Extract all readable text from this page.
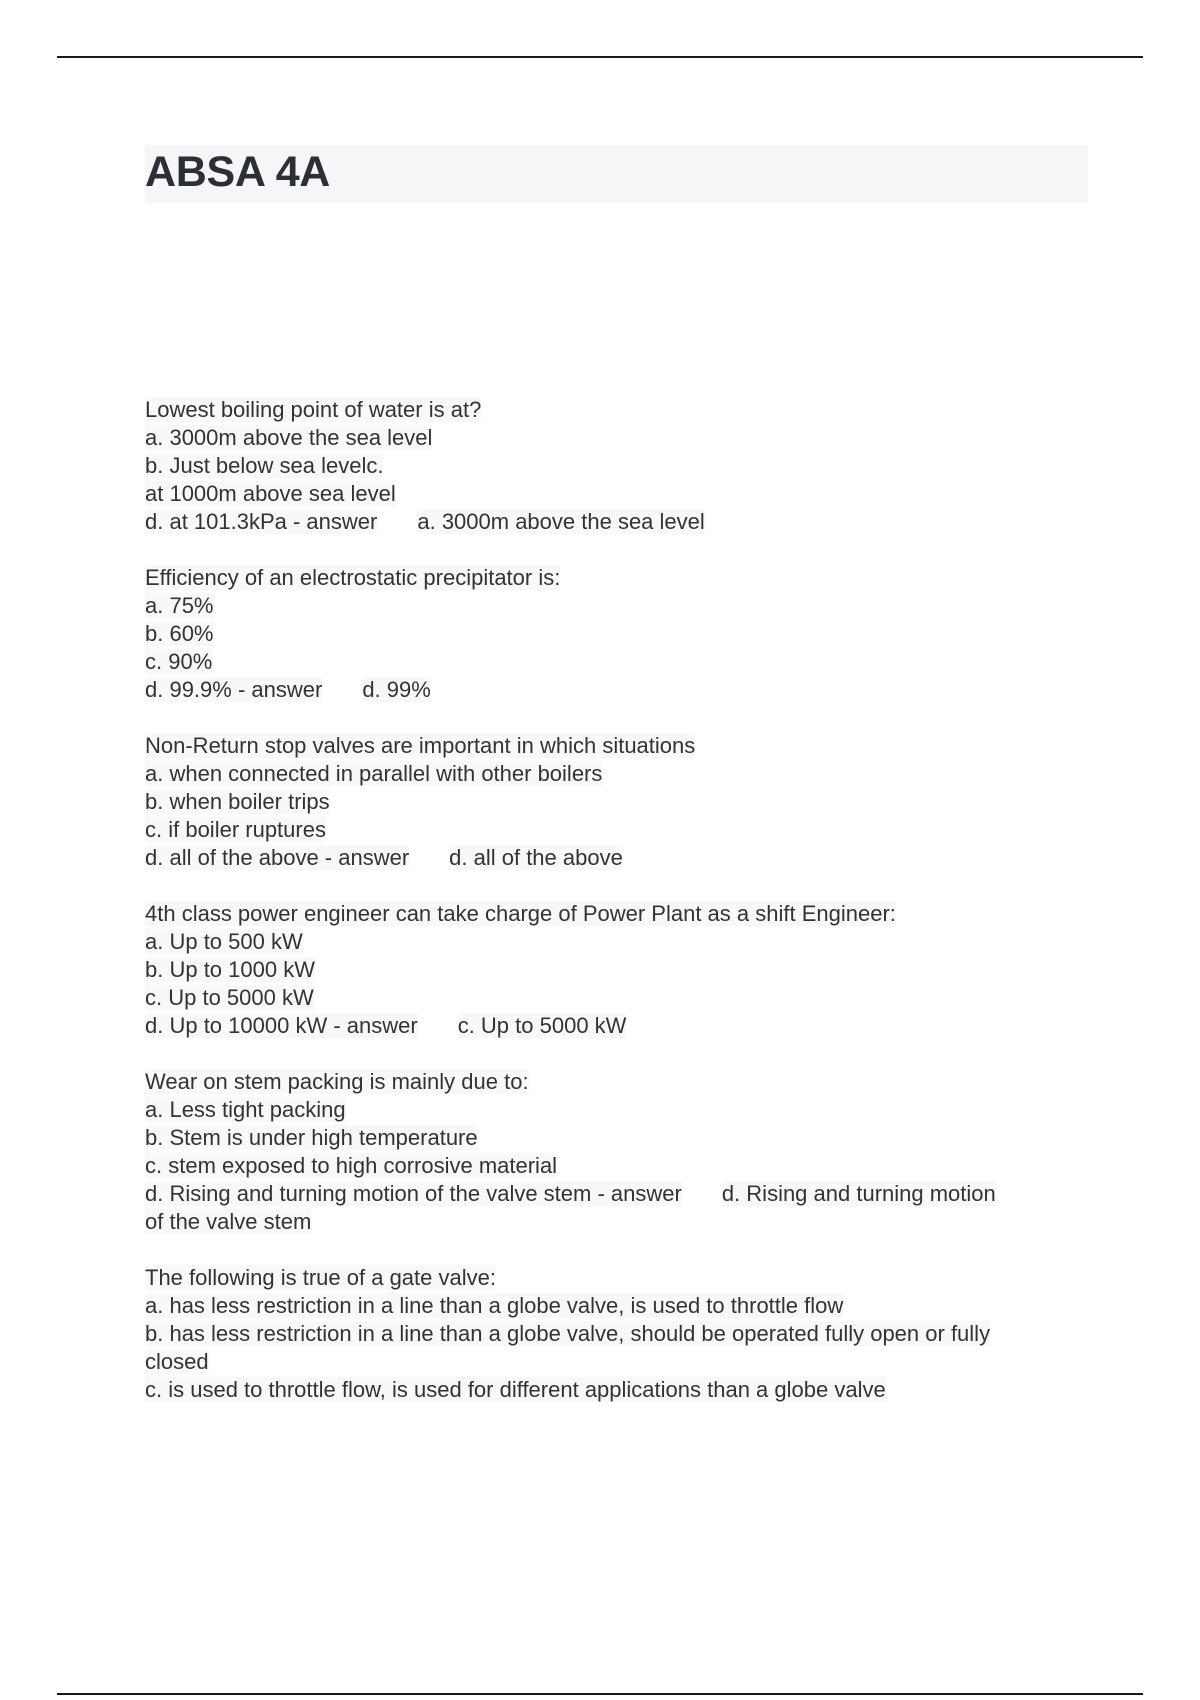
ABSA 4A
Lowest boiling point of water is at?
a. 3000m above the sea level
b. Just below sea levelc.
at 1000m above sea level
d. at 101.3kPa - answer a. 3000m above the sea level
Efficiency of an electrostatic precipitator is:
a. 75%
b. 60%
c. 90%
d. 99.9% - answer d. 99%
Non-Return stop valves are important in which situations
a. when connected in parallel with other boilers
b. when boiler trips
c. if boiler ruptures
d. all of the above - answer d. all of the above
4th class power engineer can take charge of Power Plant as a shift Engineer:
a. Up to 500 kW
b. Up to 1000 kW
c. Up to 5000 kW
d. Up to 10000 kW - answer c. Up to 5000 kW
Wear on stem packing is mainly due to:
a. Less tight packing
b. Stem is under high temperature
c. stem exposed to high corrosive material
d. Rising and turning motion of the valve stem - answer d. Rising and turning motion
of the valve stem
The following is true of a gate valve:
a. has less restriction in a line than a globe valve, is used to throttle flow
b. has less restriction in a line than a globe valve, should be operated fully open or fully
closed
c. is used to throttle flow, is used for different applications than a globe valve
